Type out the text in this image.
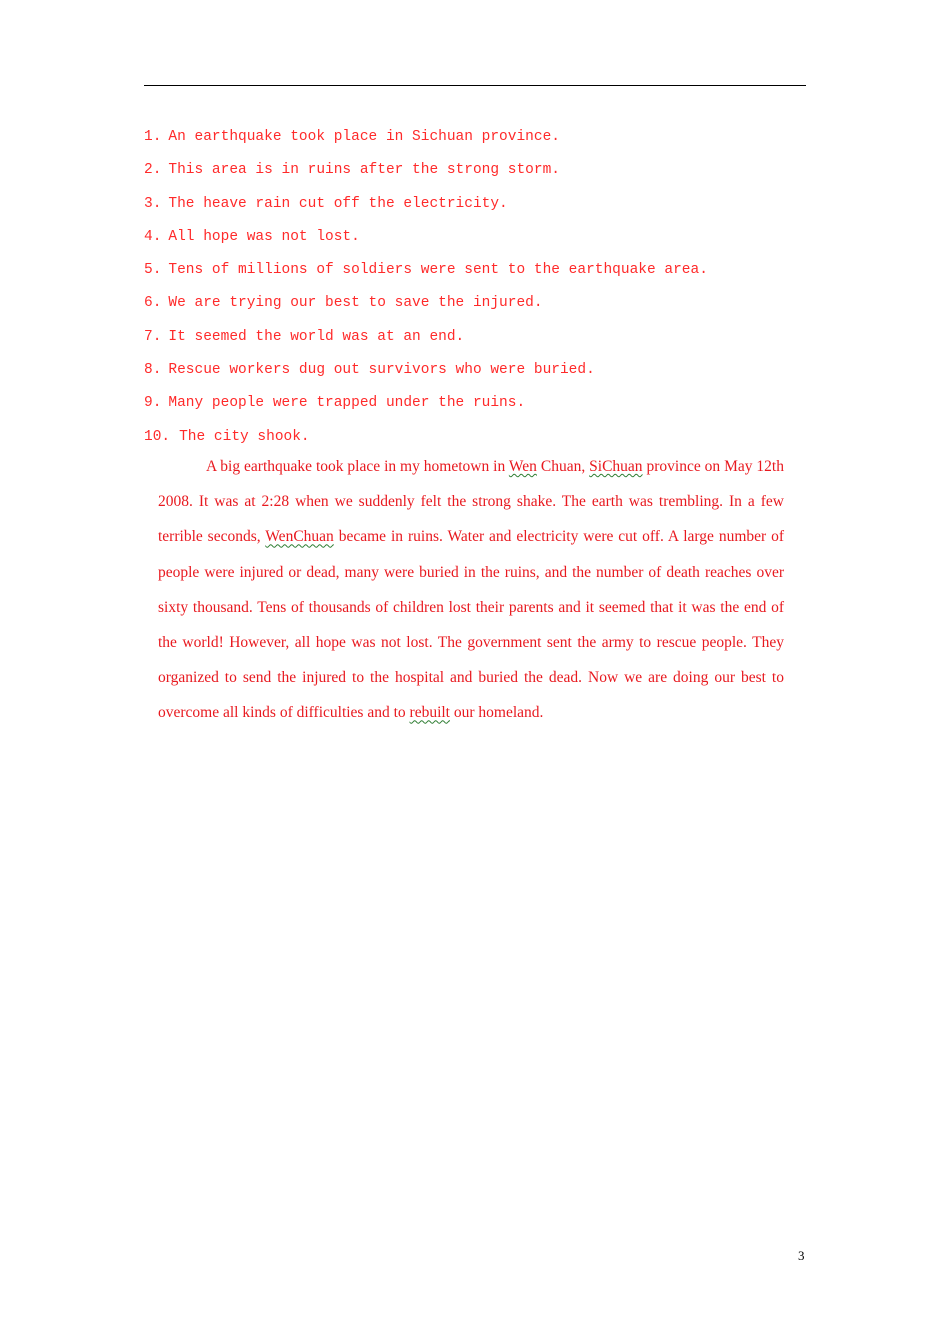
1. An earthquake took place in Sichuan province.
2. This area is in ruins after the strong storm.
3. The heave rain cut off the electricity.
4. All hope was not lost.
5. Tens of millions of soldiers were sent to the earthquake area.
6. We are trying our best to save the injured.
7. It seemed the world was at an end.
8. Rescue workers dug out survivors who were buried.
9. Many people were trapped under the ruins.
10. The city shook.

A big earthquake took place in my hometown in Wen Chuan, SiChuan province on May 12th 2008. It was at 2:28 when we suddenly felt the strong shake. The earth was trembling. In a few terrible seconds, WenChuan became in ruins. Water and electricity were cut off. A large number of people were injured or dead, many were buried in the ruins, and the number of death reaches over sixty thousand. Tens of thousands of children lost their parents and it seemed that it was the end of the world! However, all hope was not lost. The government sent the army to rescue people. They organized to send the injured to the hospital and buried the dead. Now we are doing our best to overcome all kinds of difficulties and to rebuilt our homeland.

3
